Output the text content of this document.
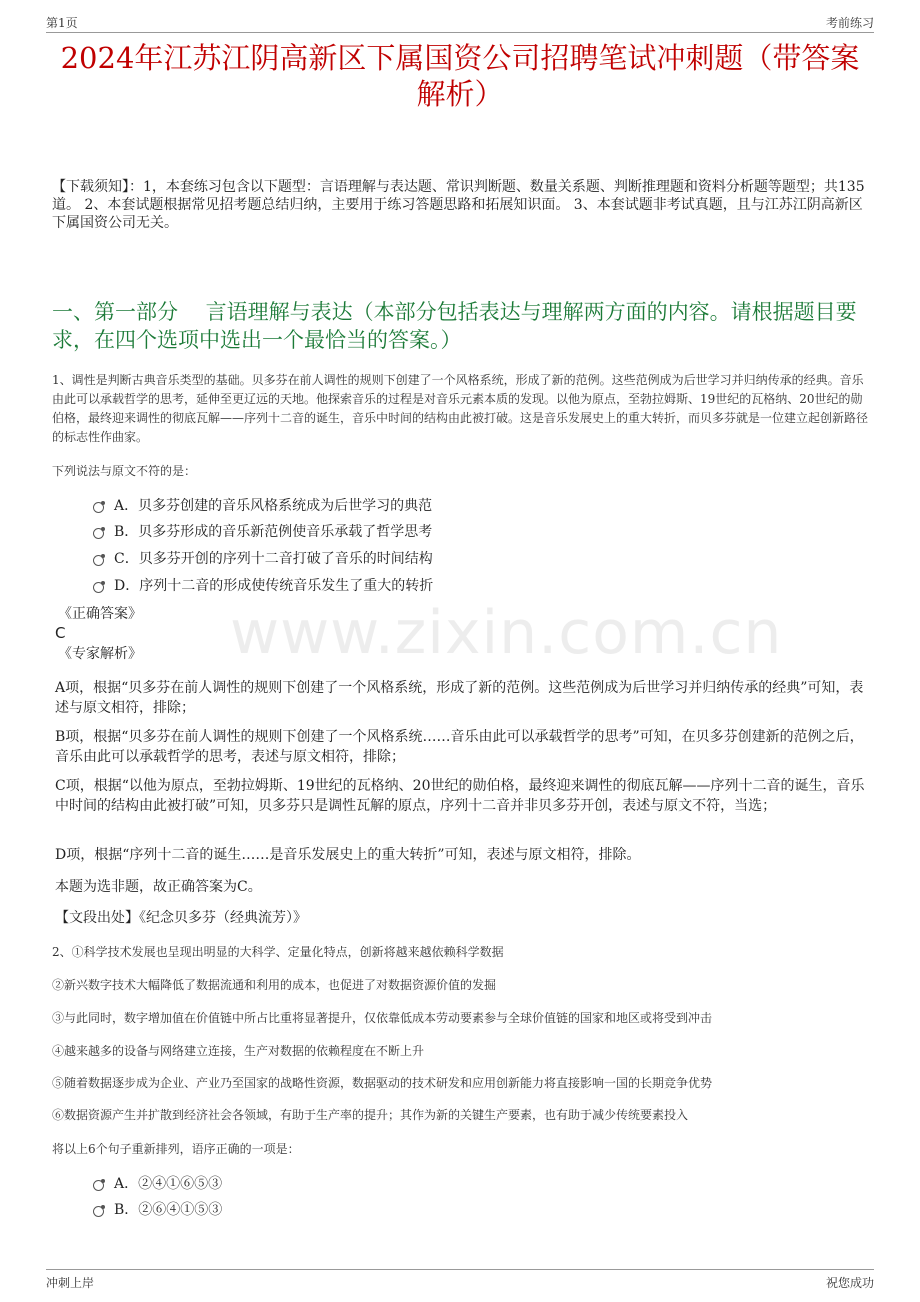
第1页	考前练习
www.zixin.com.cn
2024年江苏江阴高新区下属国资公司招聘笔试冲刺题（带答案解析）
【下载须知】：1，本套练习包含以下题型：言语理解与表达题、常识判断题、数量关系题、判断推理题和资料分析题等题型；共135道。 2、本套试题根据常见招考题总结归纳，主要用于练习答题思路和拓展知识面。 3、本套试题非考试真题，且与江苏江阴高新区下属国资公司无关。
一、第一部分　 言语理解与表达（本部分包括表达与理解两方面的内容。请根据题目要求，在四个选项中选出一个最恰当的答案。）
1、调性是判断古典音乐类型的基础。贝多芬在前人调性的规则下创建了一个风格系统，形成了新的范例。这些范例成为后世学习并归纳传承的经典。音乐由此可以承载哲学的思考，延伸至更辽远的天地。他探索音乐的过程是对音乐元素本质的发现。以他为原点，至勃拉姆斯、19世纪的瓦格纳、20世纪的勋伯格，最终迎来调性的彻底瓦解——序列十二音的诞生，音乐中时间的结构由此被打破。这是音乐发展史上的重大转折，而贝多芬就是一位建立起创新路径的标志性作曲家。
下列说法与原文不符的是：
A．贝多芬创建的音乐风格系统成为后世学习的典范
B．贝多芬形成的音乐新范例使音乐承载了哲学思考
C．贝多芬开创的序列十二音打破了音乐的时间结构
D．序列十二音的形成使传统音乐发生了重大的转折
《正确答案》
C
《专家解析》
A项，根据“贝多芬在前人调性的规则下创建了一个风格系统，形成了新的范例。这些范例成为后世学习并归纳传承的经典”可知，表述与原文相符，排除；
B项，根据“贝多芬在前人调性的规则下创建了一个风格系统……音乐由此可以承载哲学的思考”可知，在贝多芬创建新的范例之后，音乐由此可以承载哲学的思考，表述与原文相符，排除；
C项，根据“以他为原点，至勃拉姆斯、19世纪的瓦格纳、20世纪的勋伯格，最终迎来调性的彻底瓦解——序列十二音的诞生，音乐中时间的结构由此被打破”可知，贝多芬只是调性瓦解的原点，序列十二音并非贝多芬开创，表述与原文不符，当选；
D项，根据“序列十二音的诞生……是音乐发展史上的重大转折”可知，表述与原文相符，排除。
本题为选非题，故正确答案为C。
【文段出处】《纪念贝多芬（经典流芳）》
2、①科学技术发展也呈现出明显的大科学、定量化特点，创新将越来越依赖科学数据
②新兴数字技术大幅降低了数据流通和利用的成本，也促进了对数据资源价值的发掘
③与此同时，数字增加值在价值链中所占比重将显著提升，仅依靠低成本劳动要素参与全球价值链的国家和地区或将受到冲击
④越来越多的设备与网络建立连接，生产对数据的依赖程度在不断上升
⑤随着数据逐步成为企业、产业乃至国家的战略性资源，数据驱动的技术研发和应用创新能力将直接影响一国的长期竞争优势
⑥数据资源产生并扩散到经济社会各领域，有助于生产率的提升；其作为新的关键生产要素，也有助于减少传统要素投入
将以上6个句子重新排列，语序正确的一项是：
A．②④①⑥⑤③
B．②⑥④①⑤③
冲刺上岸	祝您成功
